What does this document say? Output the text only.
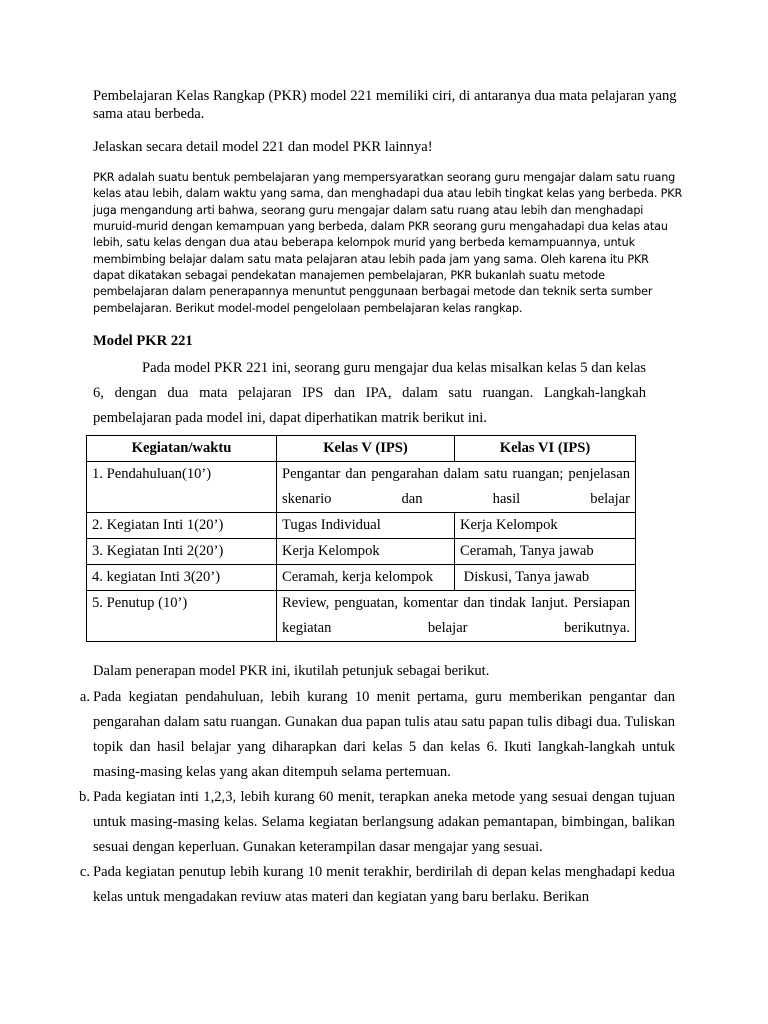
Pembelajaran Kelas Rangkap (PKR) model 221 memiliki ciri, di antaranya dua mata pelajaran yang sama atau berbeda.
Jelaskan secara detail model 221 dan model PKR lainnya!
PKR adalah suatu bentuk pembelajaran yang mempersyaratkan seorang guru mengajar dalam satu ruang kelas atau lebih, dalam waktu yang sama, dan menghadapi dua atau lebih tingkat kelas yang berbeda. PKR juga mengandung arti bahwa, seorang guru mengajar dalam satu ruang atau lebih dan menghadapi muruid-murid dengan kemampuan yang berbeda, dalam PKR seorang guru mengahadapi dua kelas atau lebih, satu kelas dengan dua atau beberapa kelompok murid yang berbeda kemampuannya, untuk membimbing belajar dalam satu mata pelajaran atau lebih pada jam yang sama. Oleh karena itu PKR dapat dikatakan sebagai pendekatan manajemen pembelajaran, PKR bukanlah suatu metode pembelajaran dalam penerapannya menuntut penggunaan berbagai metode dan teknik serta sumber pembelajaran. Berikut model-model pengelolaan pembelajaran kelas rangkap.
Model PKR 221
Pada model PKR 221 ini, seorang guru mengajar dua kelas misalkan kelas 5 dan kelas 6, dengan dua mata pelajaran IPS dan IPA, dalam satu ruangan. Langkah-langkah pembelajaran pada model ini, dapat diperhatikan matrik berikut ini.
Kegiatan/waktu	Kelas V (IPS)	Kelas VI (IPS)
1. Pendahuluan(10’)	Pengantar dan pengarahan dalam satu ruangan; penjelasan skenario dan hasil belajar	
2. Kegiatan Inti 1(20’)	Tugas Individual	Kerja Kelompok
3. Kegiatan Inti 2(20’)	Kerja Kelompok	Ceramah, Tanya jawab
4. kegiatan Inti 3(20’)	Ceramah, kerja kelompok	Diskusi, Tanya jawab
5. Penutup (10’)	Review, penguatan, komentar dan tindak lanjut. Persiapan kegiatan belajar berikutnya.	
Dalam penerapan model PKR ini, ikutilah petunjuk sebagai berikut.

a. Pada kegiatan pendahuluan, lebih kurang 10 menit pertama, guru memberikan pengantar dan pengarahan dalam satu ruangan. Gunakan dua papan tulis atau satu papan tulis dibagi dua. Tuliskan topik dan hasil belajar yang diharapkan dari kelas 5 dan kelas 6. Ikuti langkah-langkah untuk masing-masing kelas yang akan ditempuh selama pertemuan.

b. Pada kegiatan inti 1,2,3, lebih kurang 60 menit, terapkan aneka metode yang sesuai dengan tujuan untuk masing-masing kelas. Selama kegiatan berlangsung adakan pemantapan, bimbingan, balikan sesuai dengan keperluan. Gunakan keterampilan dasar mengajar yang sesuai.

c. Pada kegiatan penutup lebih kurang 10 menit terakhir, berdirilah di depan kelas menghadapi kedua kelas untuk mengadakan reviuw atas materi dan kegiatan yang baru berlaku. Berikan
